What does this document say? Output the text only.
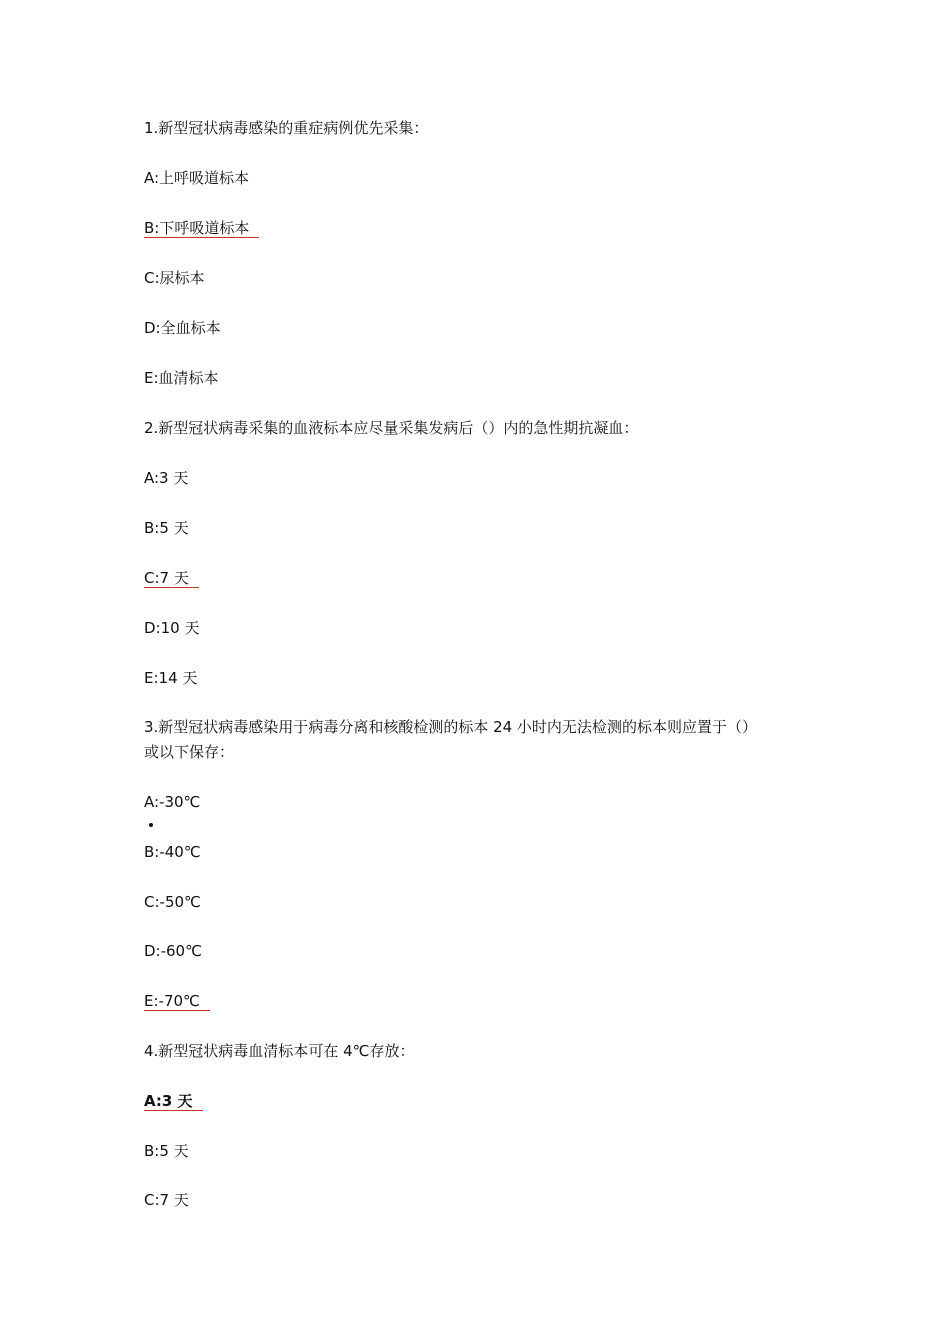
1.新型冠状病毒感染的重症病例优先采集：
A:上呼吸道标本
B:下呼吸道标本
C:尿标本
D:全血标本
E:血清标本
2.新型冠状病毒采集的血液标本应尽量采集发病后（）内的急性期抗凝血：
A:3 天
B:5 天
C:7 天
D:10 天
E:14 天
3.新型冠状病毒感染用于病毒分离和核酸检测的标本 24 小时内无法检测的标本则应置于（）
或以下保存：
A:-30℃
B:-40℃
C:-50℃
D:-60℃
E:-70℃
4.新型冠状病毒血清标本可在 4℃存放：
A:3 天
B:5 天
C:7 天
